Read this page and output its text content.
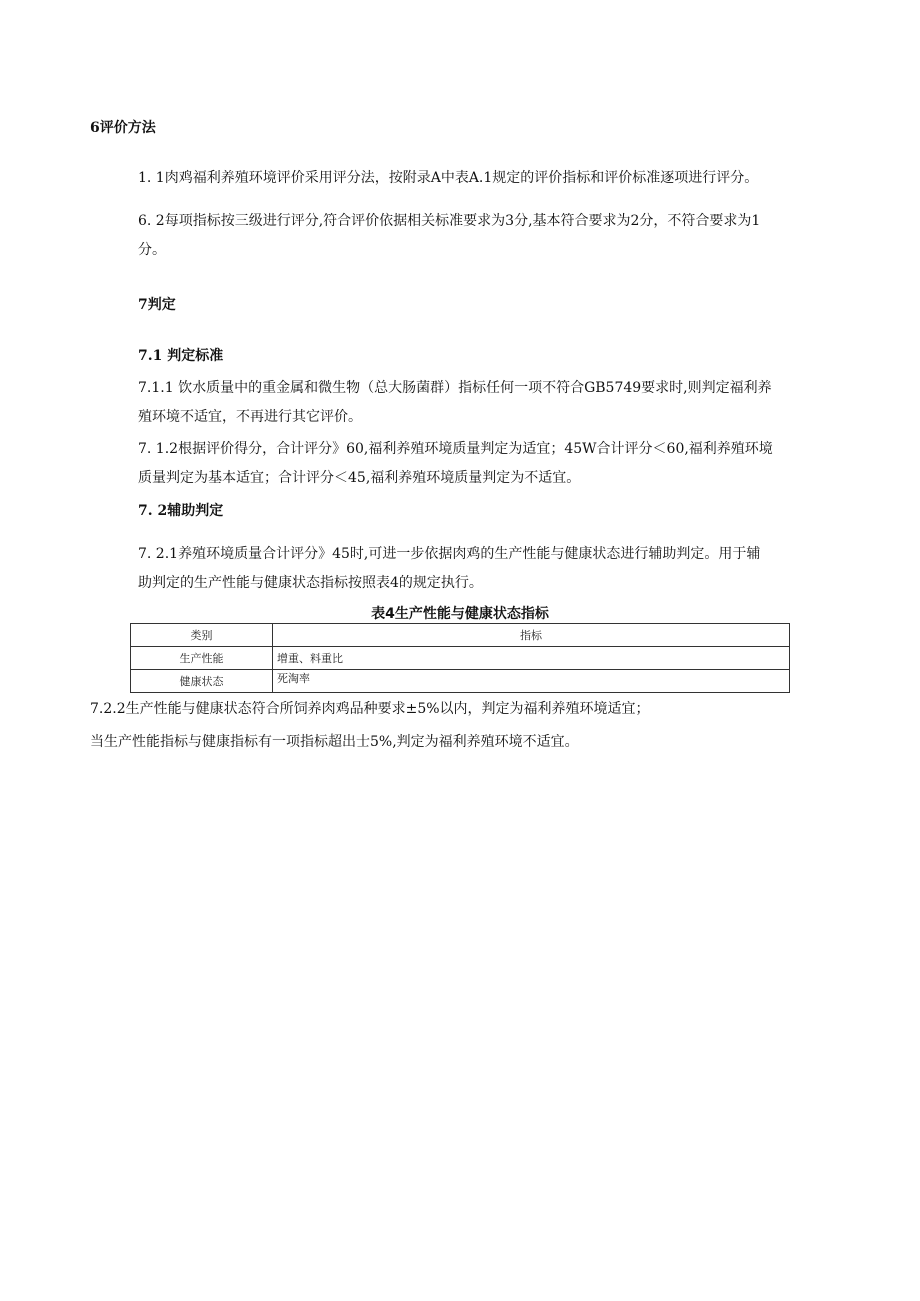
6评价方法
1. 1肉鸡福利养殖环境评价采用评分法，按附录A中表A.1规定的评价指标和评价标准逐项进行评分。
6. 2每项指标按三级进行评分,符合评价依据相关标准要求为3分,基本符合要求为2分，不符合要求为1
分。
7判定
7.1 判定标准
7.1.1 饮水质量中的重金属和微生物（总大肠菌群）指标任何一项不符合GB5749要求时,则判定福利养
殖环境不适宜，不再进行其它评价。
7. 1.2根据评价得分，合计评分》60,福利养殖环境质量判定为适宜；45W合计评分＜60,福利养殖环境
质量判定为基本适宜；合计评分＜45,福利养殖环境质量判定为不适宜。
7. 2辅助判定
7. 2.1养殖环境质量合计评分》45时,可进一步依据肉鸡的生产性能与健康状态进行辅助判定。用于辅
助判定的生产性能与健康状态指标按照表4的规定执行。
表4生产性能与健康状态指标
类别	指标
生产性能	增重、料重比
健康状态	死淘率
7.2.2生产性能与健康状态符合所饲养肉鸡品种要求±5%以内，判定为福利养殖环境适宜；
当生产性能指标与健康指标有一项指标超出士5%,判定为福利养殖环境不适宜。
